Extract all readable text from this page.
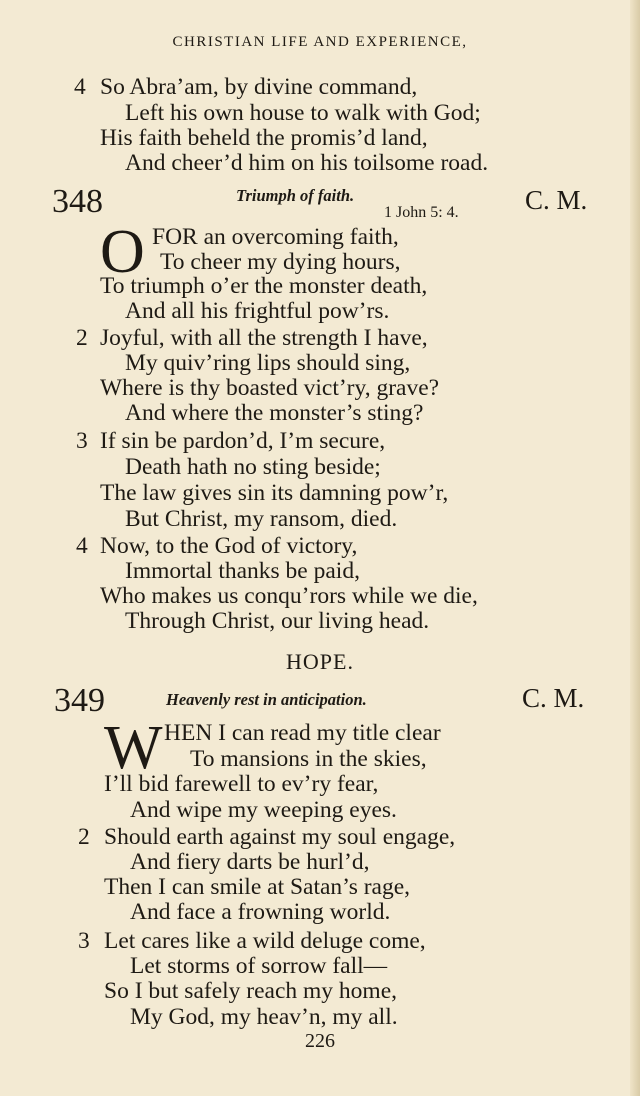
CHRISTIAN LIFE AND EXPERIENCE,
4 So Abra’am, by divine command,
Left his own house to walk with God;
His faith beheld the promis’d land,
And cheer’d him on his toilsome road.
348	Triumph of faith.
1 John 5: 4. C. M.
O FOR an overcoming faith,
To cheer my dying hours,
To triumph o’er the monster death,
And all his frightful pow’rs.
2 Joyful, with all the strength I have,
My quiv’ring lips should sing,
Where is thy boasted vict’ry, grave?
And where the monster’s sting?
3 If sin be pardon’d, I’m secure,
Death hath no sting beside;
The law gives sin its damning pow’r,
But Christ, my ransom, died.
4 Now, to the God of victory,
Immortal thanks be paid,
Who makes us conqu’rors while we die,
Through Christ, our living head.
HOPE.
349	Heavenly rest in anticipation.	C. M.
W HEN I can read my title clear
To mansions in the skies,
I’ll bid farewell to ev’ry fear,
And wipe my weeping eyes.
2 Should earth against my soul engage,
And fiery darts be hurl’d,
Then I can smile at Satan’s rage,
And face a frowning world.
3 Let cares like a wild deluge come,
Let storms of sorrow fall—
So I but safely reach my home,
My God, my heav’n, my all.
226
